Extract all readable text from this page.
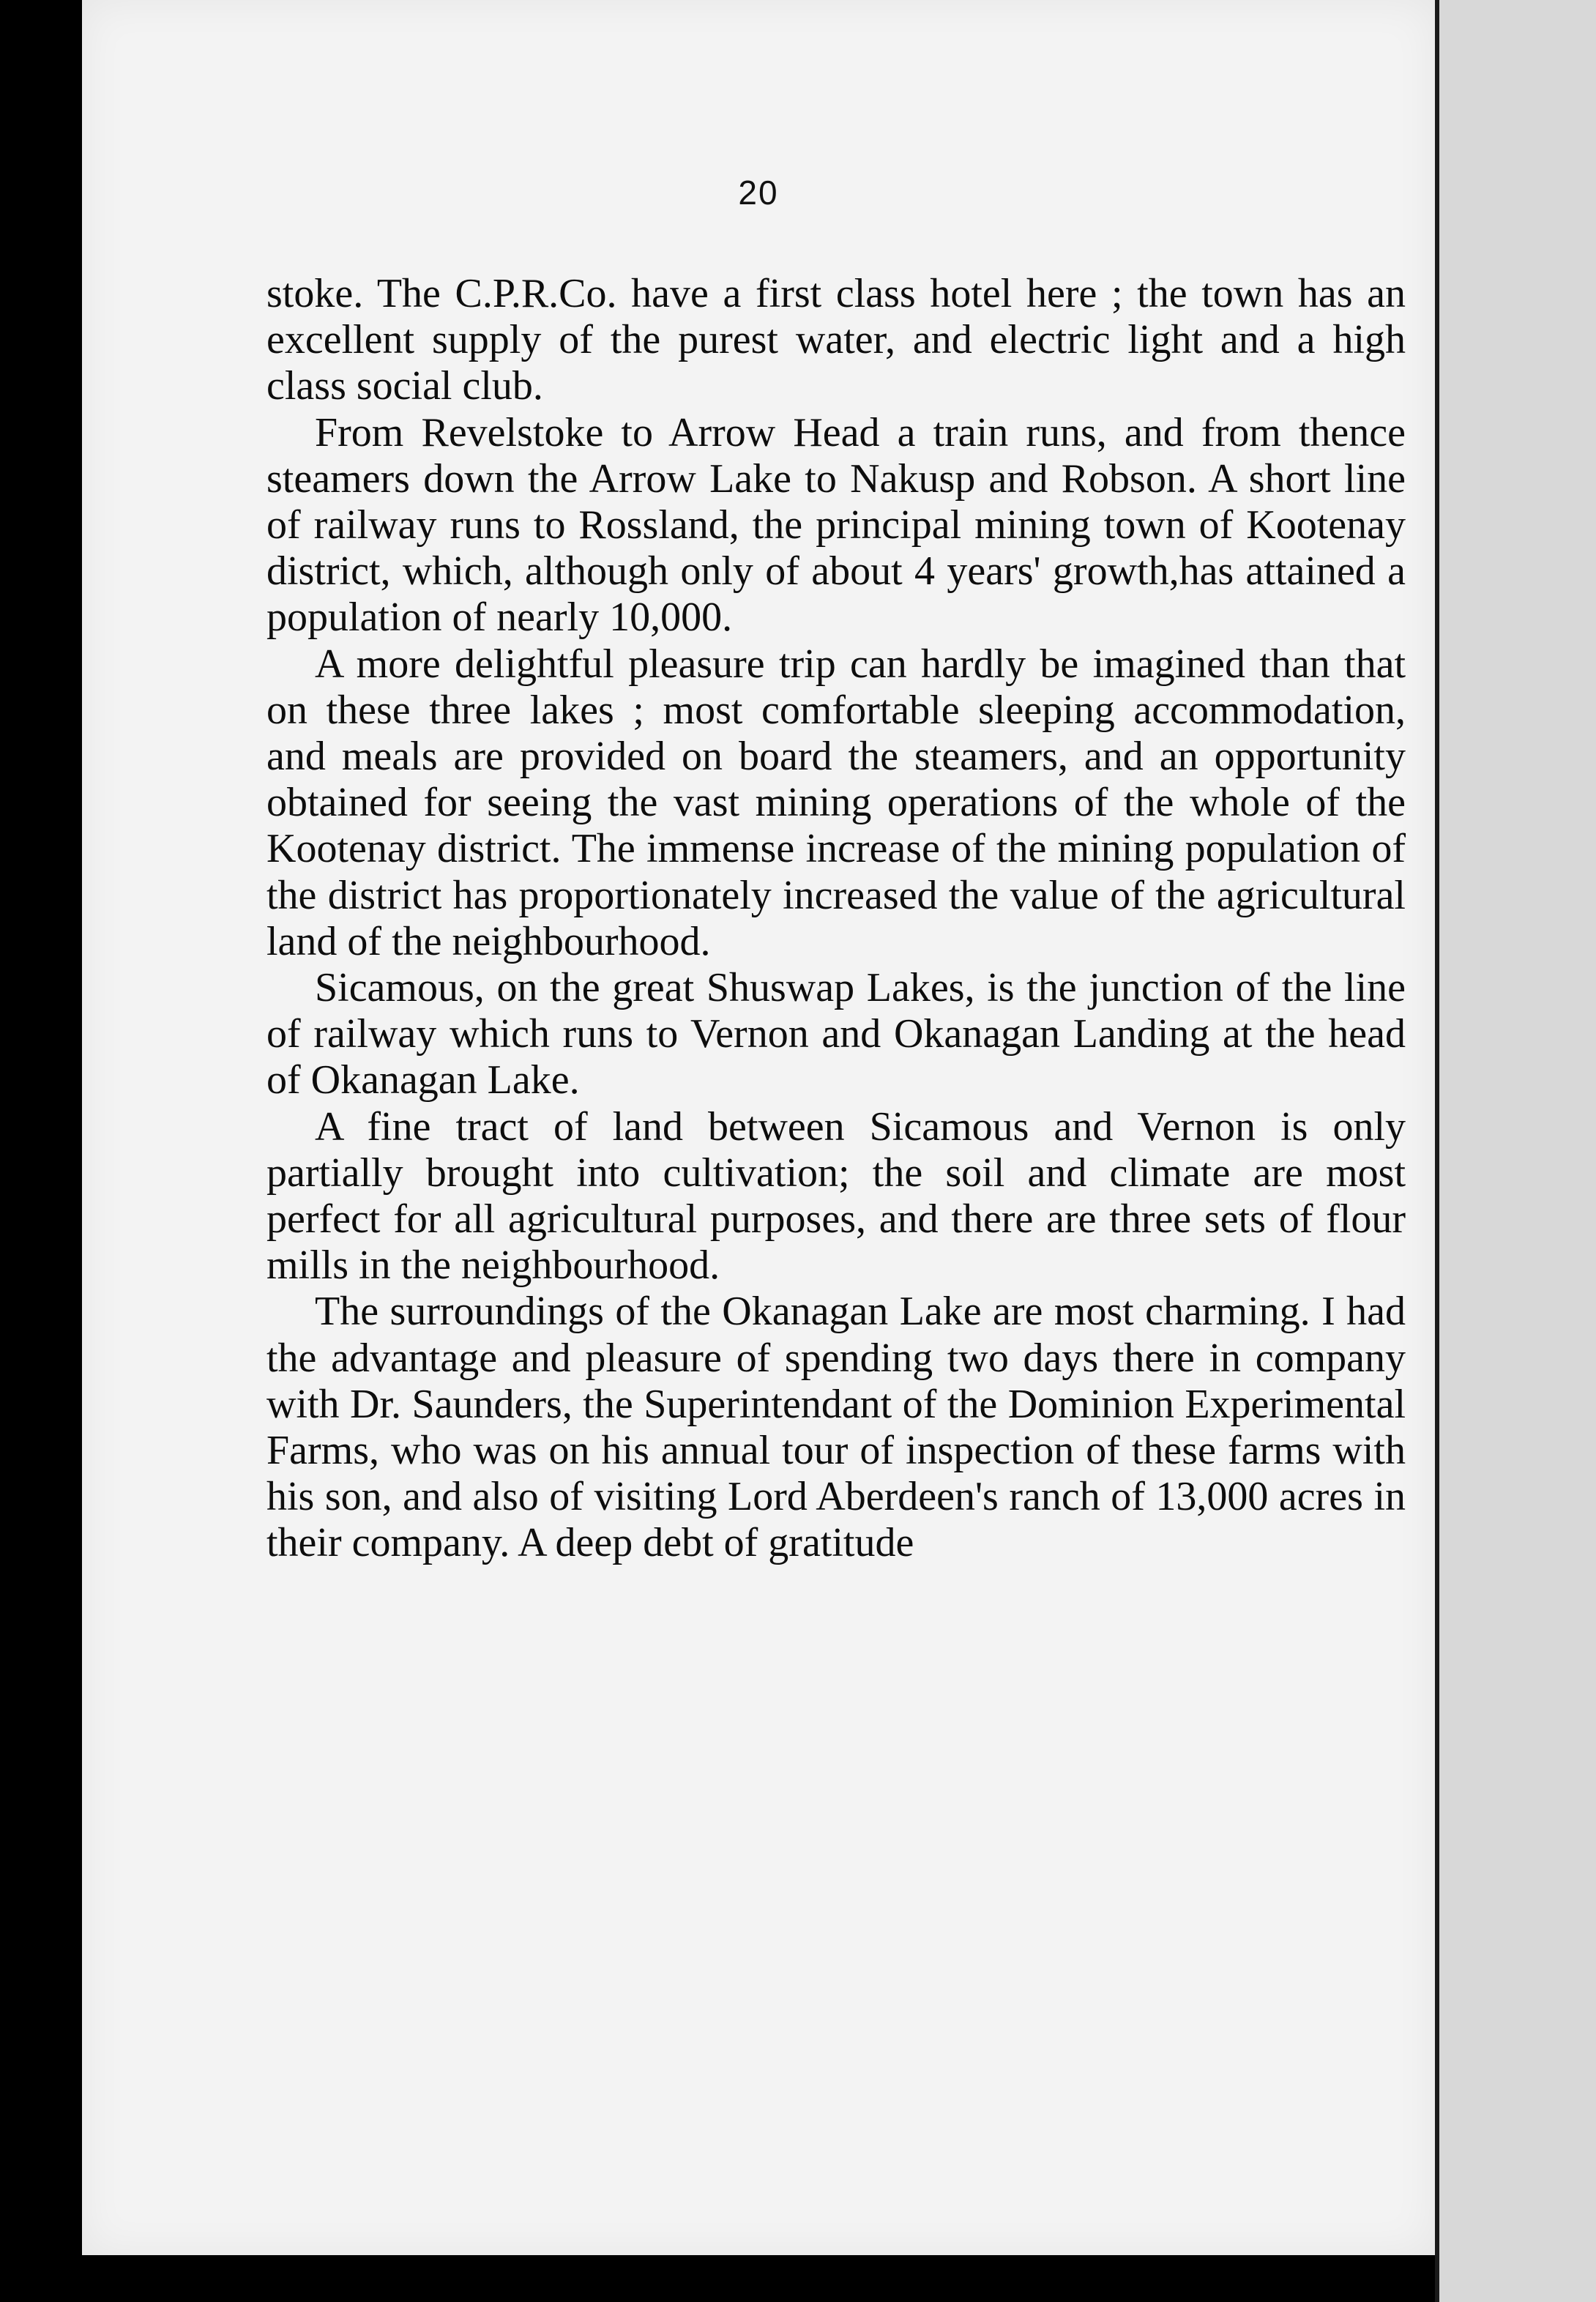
20

stoke. The C.P.R.Co. have a first class hotel here ; the town has an excellent supply of the purest water, and electric light and a high class social club.

From Revelstoke to Arrow Head a train runs, and from thence steamers down the Arrow Lake to Nakusp and Robson. A short line of railway runs to Rossland, the principal mining town of Kootenay district, which, although only of about 4 years' growth,has attained a population of nearly 10,000.

A more delightful pleasure trip can hardly be imagined than that on these three lakes ; most comfortable sleeping accommodation, and meals are provided on board the steamers, and an opportunity obtained for seeing the vast mining operations of the whole of the Kootenay district. The immense increase of the mining population of the district has proportionately increased the value of the agricultural land of the neighbourhood.

Sicamous, on the great Shuswap Lakes, is the junction of the line of railway which runs to Vernon and Okanagan Landing at the head of Okanagan Lake.

A fine tract of land between Sicamous and Vernon is only partially brought into cultivation; the soil and climate are most perfect for all agricultural purposes, and there are three sets of flour mills in the neighbourhood.

The surroundings of the Okanagan Lake are most charming. I had the advantage and pleasure of spending two days there in company with Dr. Saunders, the Superintendant of the Dominion Experimental Farms, who was on his annual tour of inspection of these farms with his son, and also of visiting Lord Aberdeen's ranch of 13,000 acres in their company. A deep debt of gratitude
